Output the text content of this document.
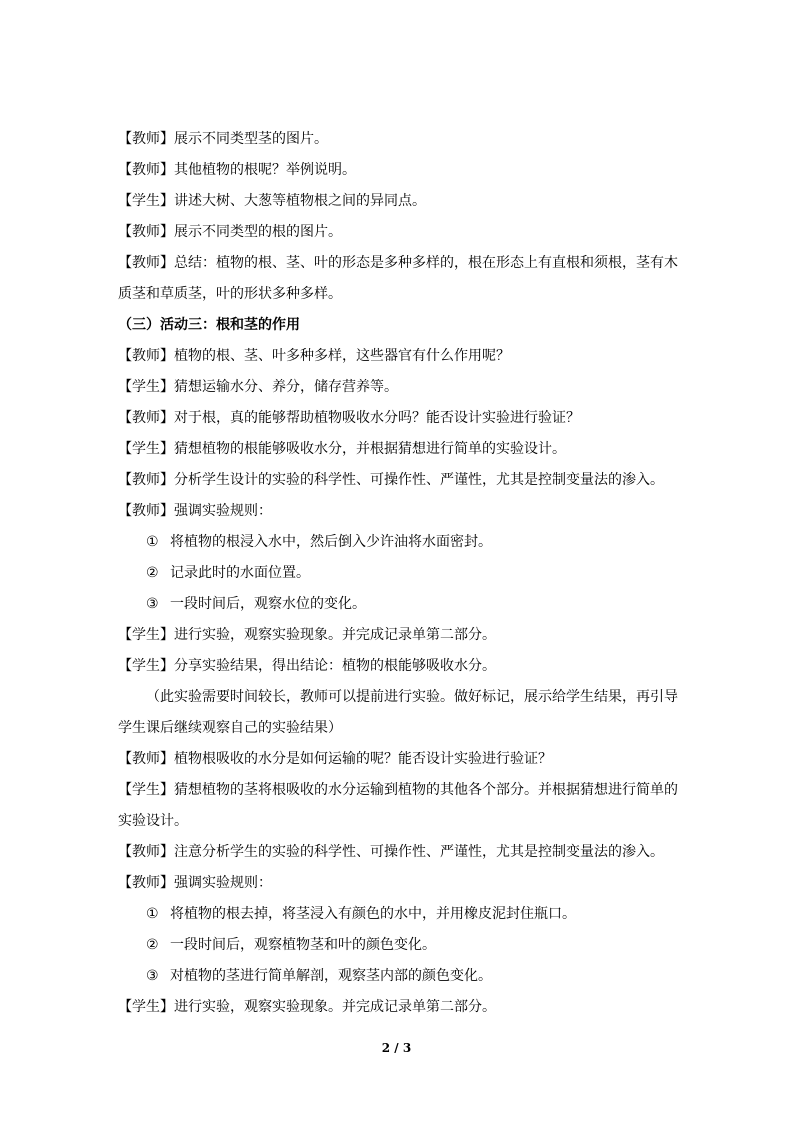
【教师】展示不同类型茎的图片。
【教师】其他植物的根呢？举例说明。
【学生】讲述大树、大葱等植物根之间的异同点。
【教师】展示不同类型的根的图片。
【教师】总结：植物的根、茎、叶的形态是多种多样的，根在形态上有直根和须根，茎有木质茎和草质茎，叶的形状多种多样。
（三）活动三：根和茎的作用
【教师】植物的根、茎、叶多种多样，这些器官有什么作用呢？
【学生】猜想运输水分、养分，储存营养等。
【教师】对于根，真的能够帮助植物吸收水分吗？能否设计实验进行验证？
【学生】猜想植物的根能够吸收水分，并根据猜想进行简单的实验设计。
【教师】分析学生设计的实验的科学性、可操作性、严谨性，尤其是控制变量法的渗入。
【教师】强调实验规则：
① 将植物的根浸入水中，然后倒入少许油将水面密封。
② 记录此时的水面位置。
③ 一段时间后，观察水位的变化。
【学生】进行实验，观察实验现象。并完成记录单第二部分。
【学生】分享实验结果，得出结论：植物的根能够吸收水分。
（此实验需要时间较长，教师可以提前进行实验。做好标记，展示给学生结果，再引导学生课后继续观察自己的实验结果）
【教师】植物根吸收的水分是如何运输的呢？能否设计实验进行验证？
【学生】猜想植物的茎将根吸收的水分运输到植物的其他各个部分。并根据猜想进行简单的实验设计。
【教师】注意分析学生的实验的科学性、可操作性、严谨性，尤其是控制变量法的渗入。
【教师】强调实验规则：
① 将植物的根去掉，将茎浸入有颜色的水中，并用橡皮泥封住瓶口。
② 一段时间后，观察植物茎和叶的颜色变化。
③ 对植物的茎进行简单解剖，观察茎内部的颜色变化。
【学生】进行实验，观察实验现象。并完成记录单第二部分。
2 / 3
